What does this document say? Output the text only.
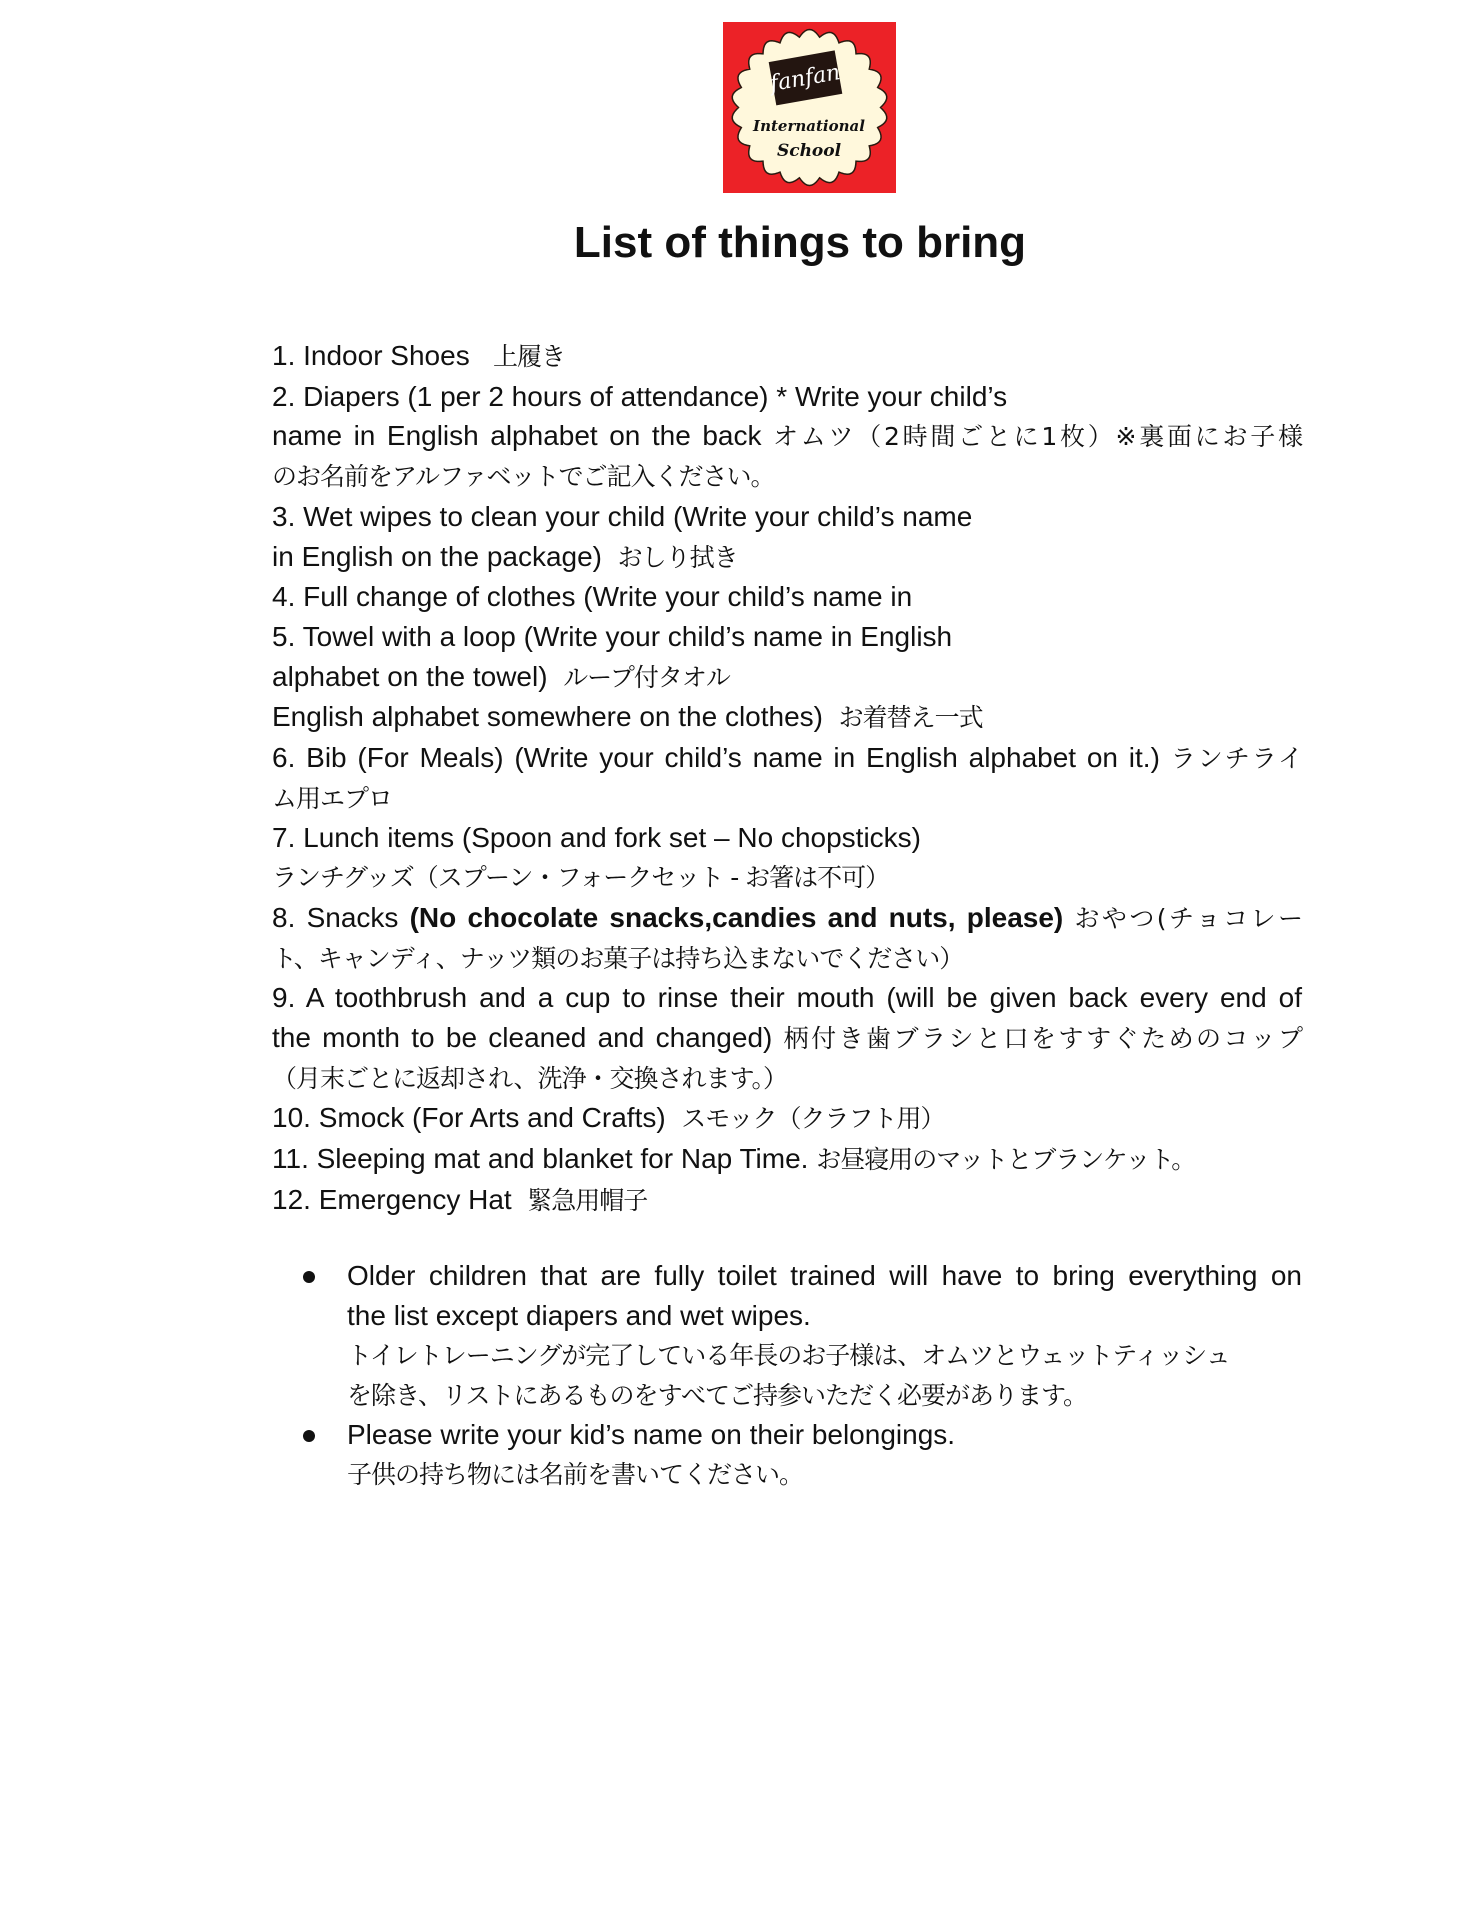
fanfan
International
School
List of things to bring
1. Indoor Shoes 上履き
2. Diapers (1 per 2 hours of attendance) * Write your child’s
name in English alphabet on the back オムツ（2時間ごとに1枚）※裏面にお子様
のお名前をアルファベットでご記入ください。
3. Wet wipes to clean your child (Write your child’s name
in English on the package) おしり拭き
4. Full change of clothes (Write your child’s name in
5. Towel with a loop (Write your child’s name in English
alphabet on the towel) ループ付タオル
English alphabet somewhere on the clothes) お着替え一式
6. Bib (For Meals) (Write your child’s name in English alphabet on it.) ランチライ
ム用エプロ
7. Lunch items (Spoon and fork set – No chopsticks)
ランチグッズ（スプーン・フォークセット - お箸は不可）
8. Snacks (No chocolate snacks,candies and nuts, please) おやつ(チョコレー
ト、キャンディ、ナッツ類のお菓子は持ち込まないでください）
9. A toothbrush and a cup to rinse their mouth (will be given back every end of
the month to be cleaned and changed) 柄付き歯ブラシと口をすすぐためのコップ
（月末ごとに返却され、洗浄・交換されます。）
10. Smock (For Arts and Crafts) スモック（クラフト用）
11. Sleeping mat and blanket for Nap Time. お昼寝用のマットとブランケット。
12. Emergency Hat 緊急用帽子
Older children that are fully toilet trained will have to bring everything on
the list except diapers and wet wipes.
トイレトレーニングが完了している年長のお子様は、オムツとウェットティッシュ
を除き、リストにあるものをすべてご持参いただく必要があります。
Please write your kid’s name on their belongings.
子供の持ち物には名前を書いてください。
